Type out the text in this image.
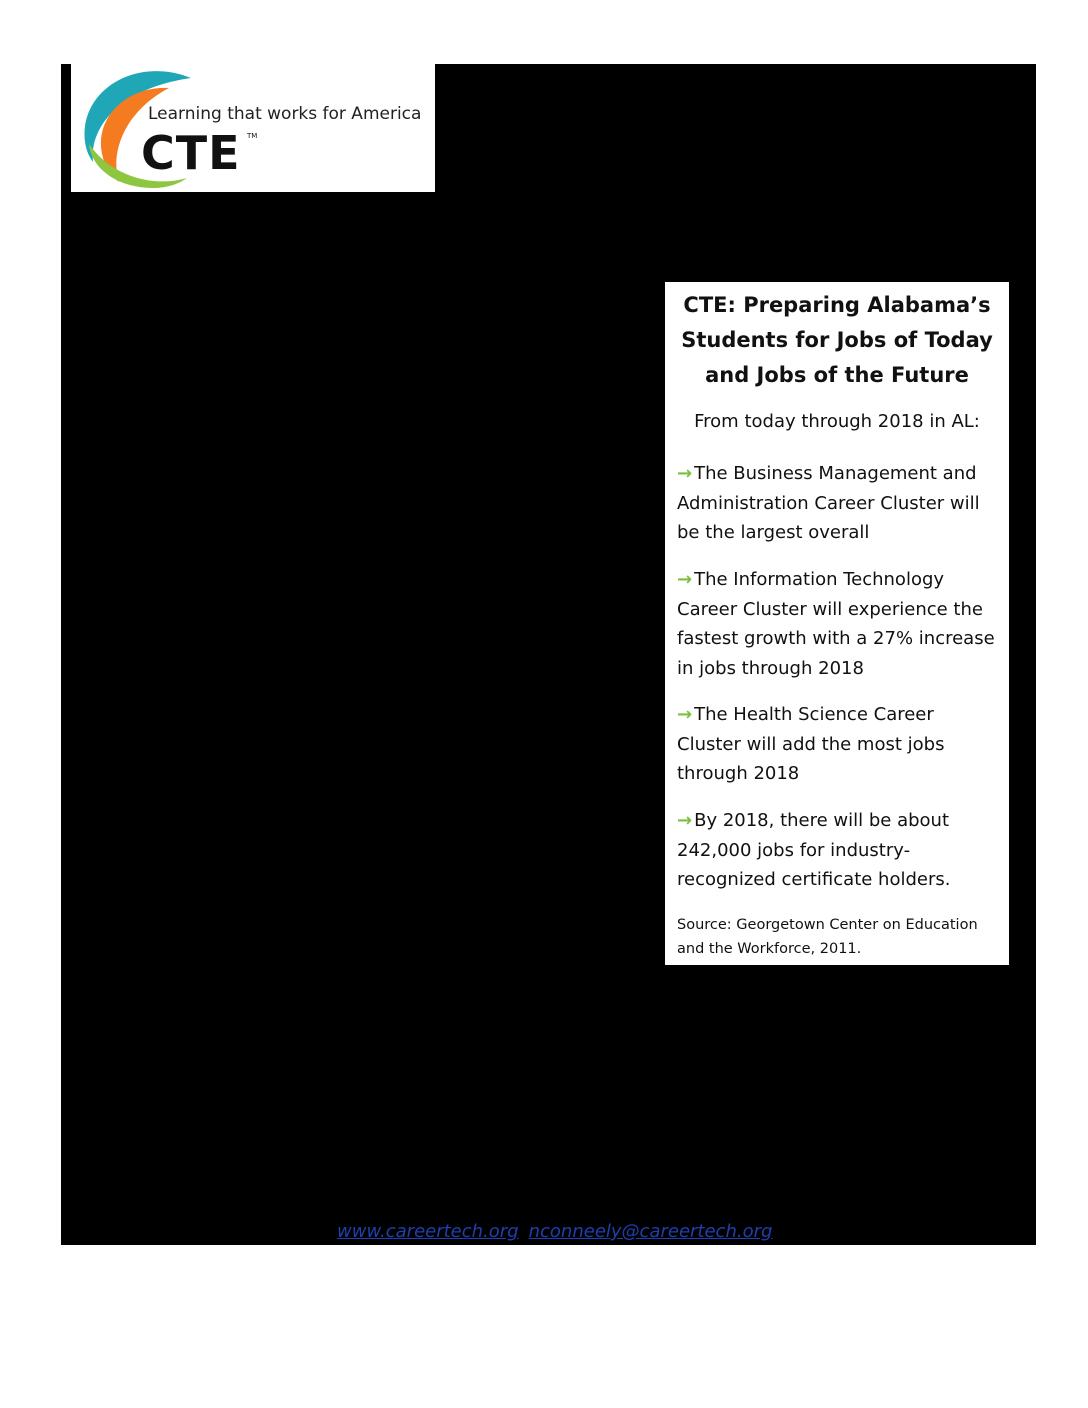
Learning that works for America
CTE TM
CTE: Preparing Alabama’s Students for Jobs of Today and Jobs of the Future
From today through 2018 in AL:
→ The Business Management and Administration Career Cluster will be the largest overall
→ The Information Technology Career Cluster will experience the fastest growth with a 27% increase in jobs through 2018
→ The Health Science Career Cluster will add the most jobs through 2018
→ By 2018, there will be about 242,000 jobs for industry-recognized certificate holders.
Source: Georgetown Center on Education and the Workforce, 2011.
www.careertech.org nconneely@careertech.org
